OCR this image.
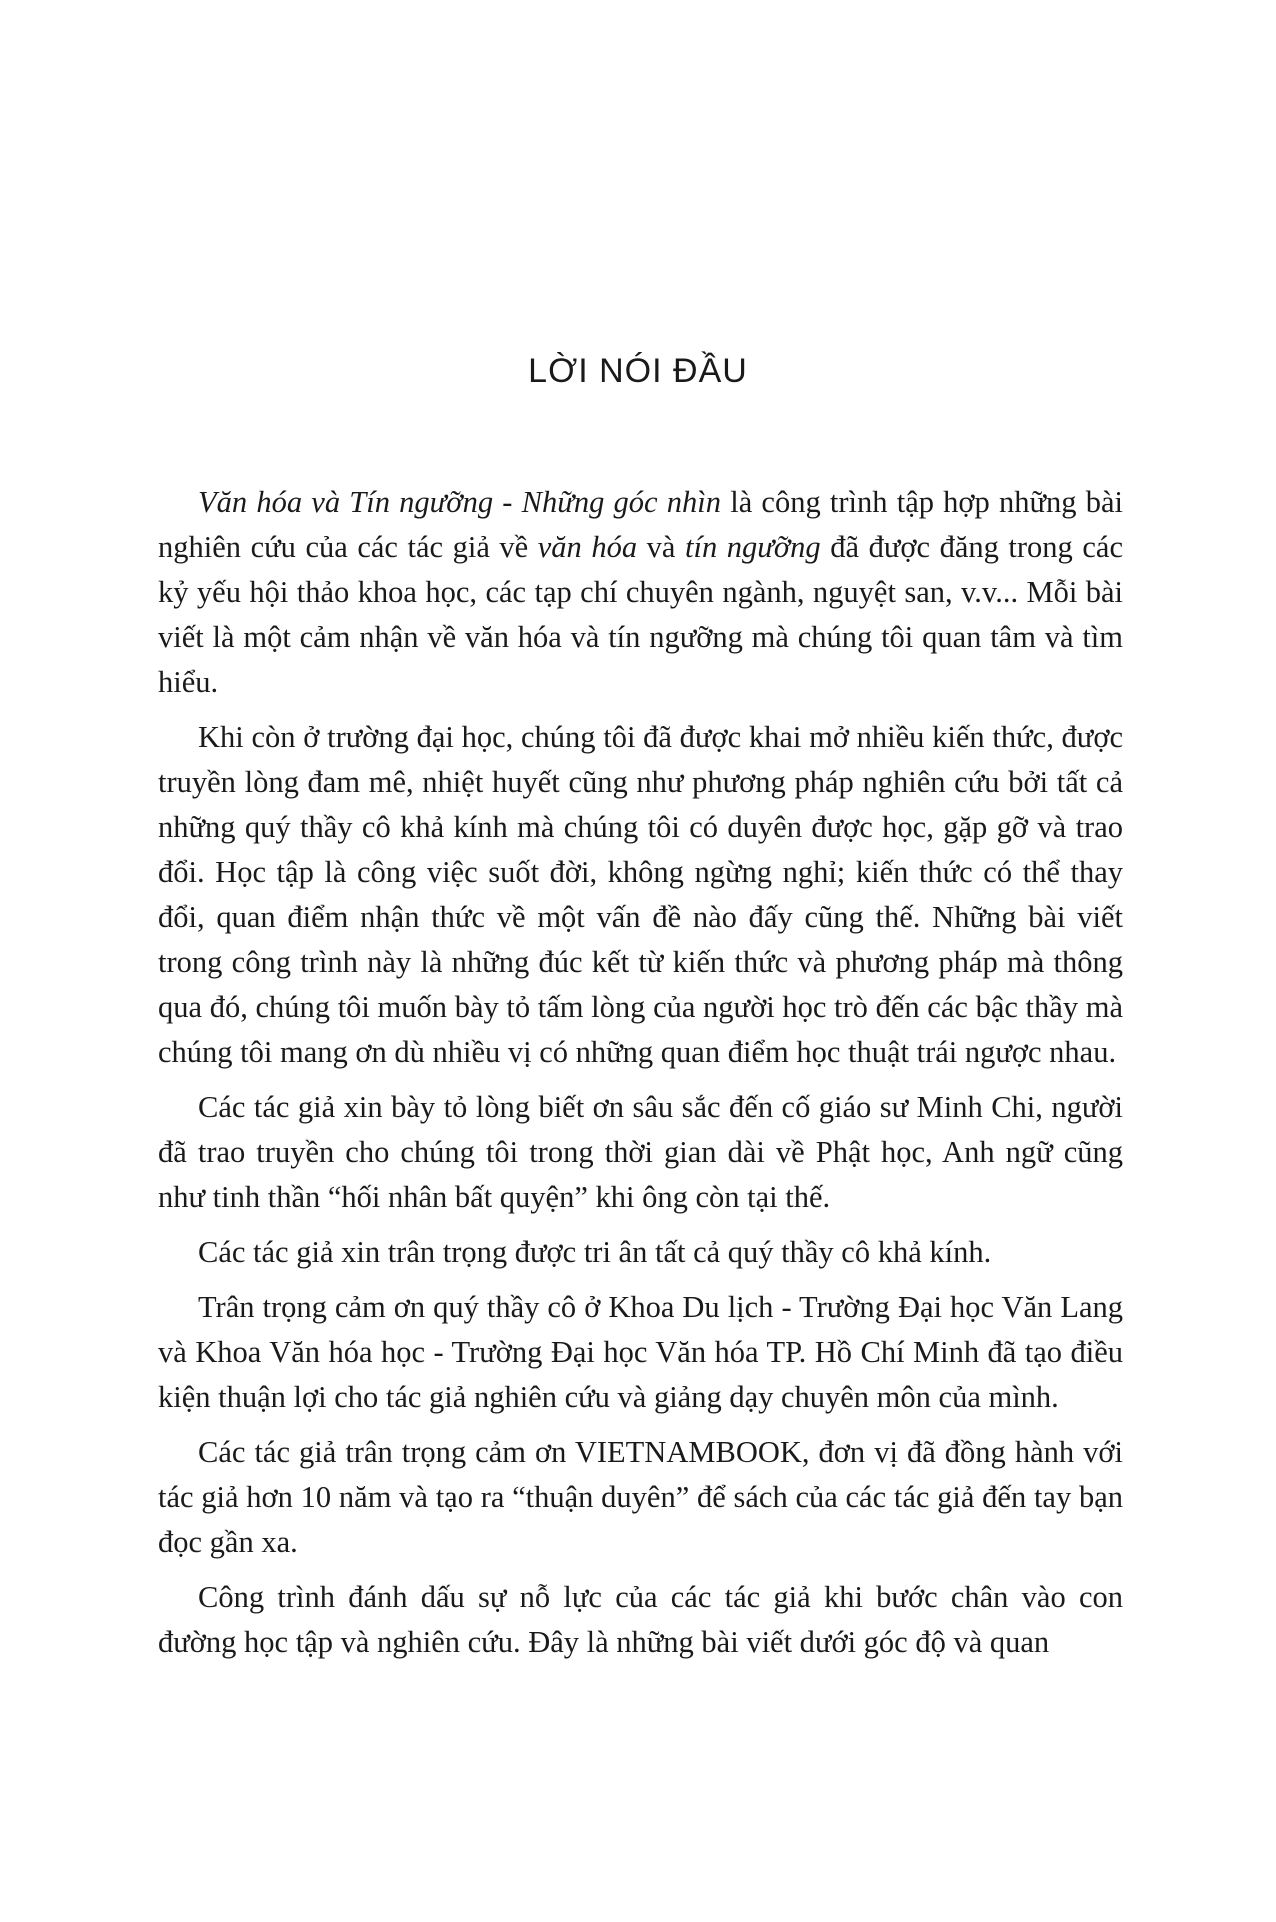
LỜI NÓI ĐẦU

Văn hóa và Tín ngưỡng - Những góc nhìn là công trình tập hợp những bài nghiên cứu của các tác giả về văn hóa và tín ngưỡng đã được đăng trong các kỷ yếu hội thảo khoa học, các tạp chí chuyên ngành, nguyệt san, v.v... Mỗi bài viết là một cảm nhận về văn hóa và tín ngưỡng mà chúng tôi quan tâm và tìm hiểu.

Khi còn ở trường đại học, chúng tôi đã được khai mở nhiều kiến thức, được truyền lòng đam mê, nhiệt huyết cũng như phương pháp nghiên cứu bởi tất cả những quý thầy cô khả kính mà chúng tôi có duyên được học, gặp gỡ và trao đổi. Học tập là công việc suốt đời, không ngừng nghỉ; kiến thức có thể thay đổi, quan điểm nhận thức về một vấn đề nào đấy cũng thế. Những bài viết trong công trình này là những đúc kết từ kiến thức và phương pháp mà thông qua đó, chúng tôi muốn bày tỏ tấm lòng của người học trò đến các bậc thầy mà chúng tôi mang ơn dù nhiều vị có những quan điểm học thuật trái ngược nhau.

Các tác giả xin bày tỏ lòng biết ơn sâu sắc đến cố giáo sư Minh Chi, người đã trao truyền cho chúng tôi trong thời gian dài về Phật học, Anh ngữ cũng như tinh thần “hối nhân bất quyện” khi ông còn tại thế.

Các tác giả xin trân trọng được tri ân tất cả quý thầy cô khả kính.

Trân trọng cảm ơn quý thầy cô ở Khoa Du lịch - Trường Đại học Văn Lang và Khoa Văn hóa học - Trường Đại học Văn hóa TP. Hồ Chí Minh đã tạo điều kiện thuận lợi cho tác giả nghiên cứu và giảng dạy chuyên môn của mình.

Các tác giả trân trọng cảm ơn VIETNAMBOOK, đơn vị đã đồng hành với tác giả hơn 10 năm và tạo ra “thuận duyên” để sách của các tác giả đến tay bạn đọc gần xa.

Công trình đánh dấu sự nỗ lực của các tác giả khi bước chân vào con đường học tập và nghiên cứu. Đây là những bài viết dưới góc độ và quan
